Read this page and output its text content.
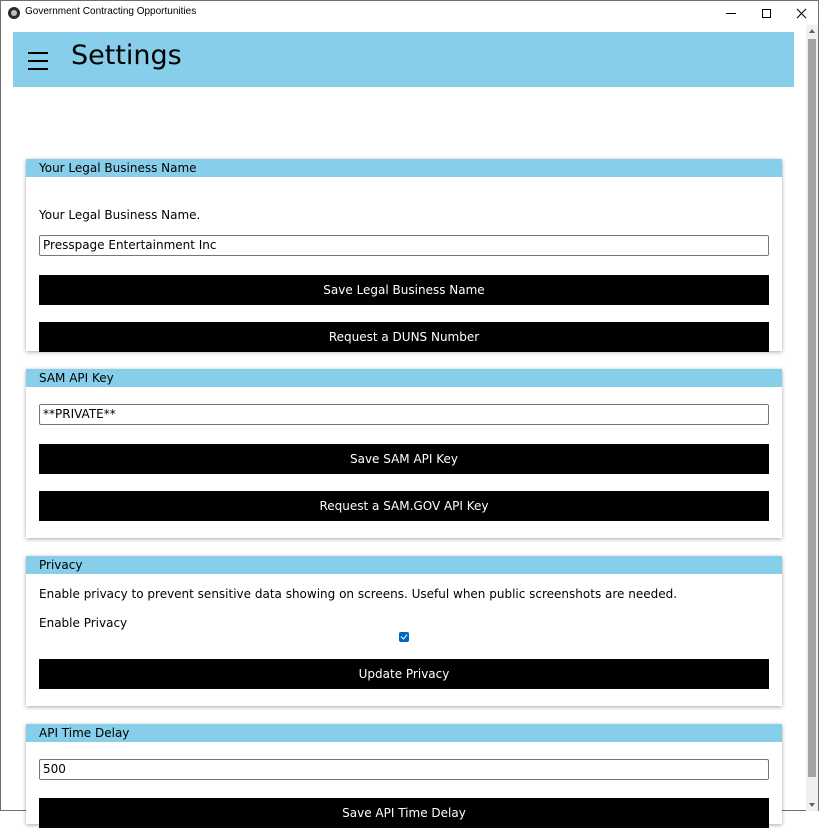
Government Contracting Opportunities
Settings
Your Legal Business Name
Your Legal Business Name.
Presspage Entertainment Inc
Save Legal Business Name
Request a DUNS Number
SAM API Key
**PRIVATE**
Save SAM API Key
Request a SAM.GOV API Key
Privacy
Enable privacy to prevent sensitive data showing on screens. Useful when public screenshots are needed.
Enable Privacy
Update Privacy
API Time Delay
500
Save API Time Delay
